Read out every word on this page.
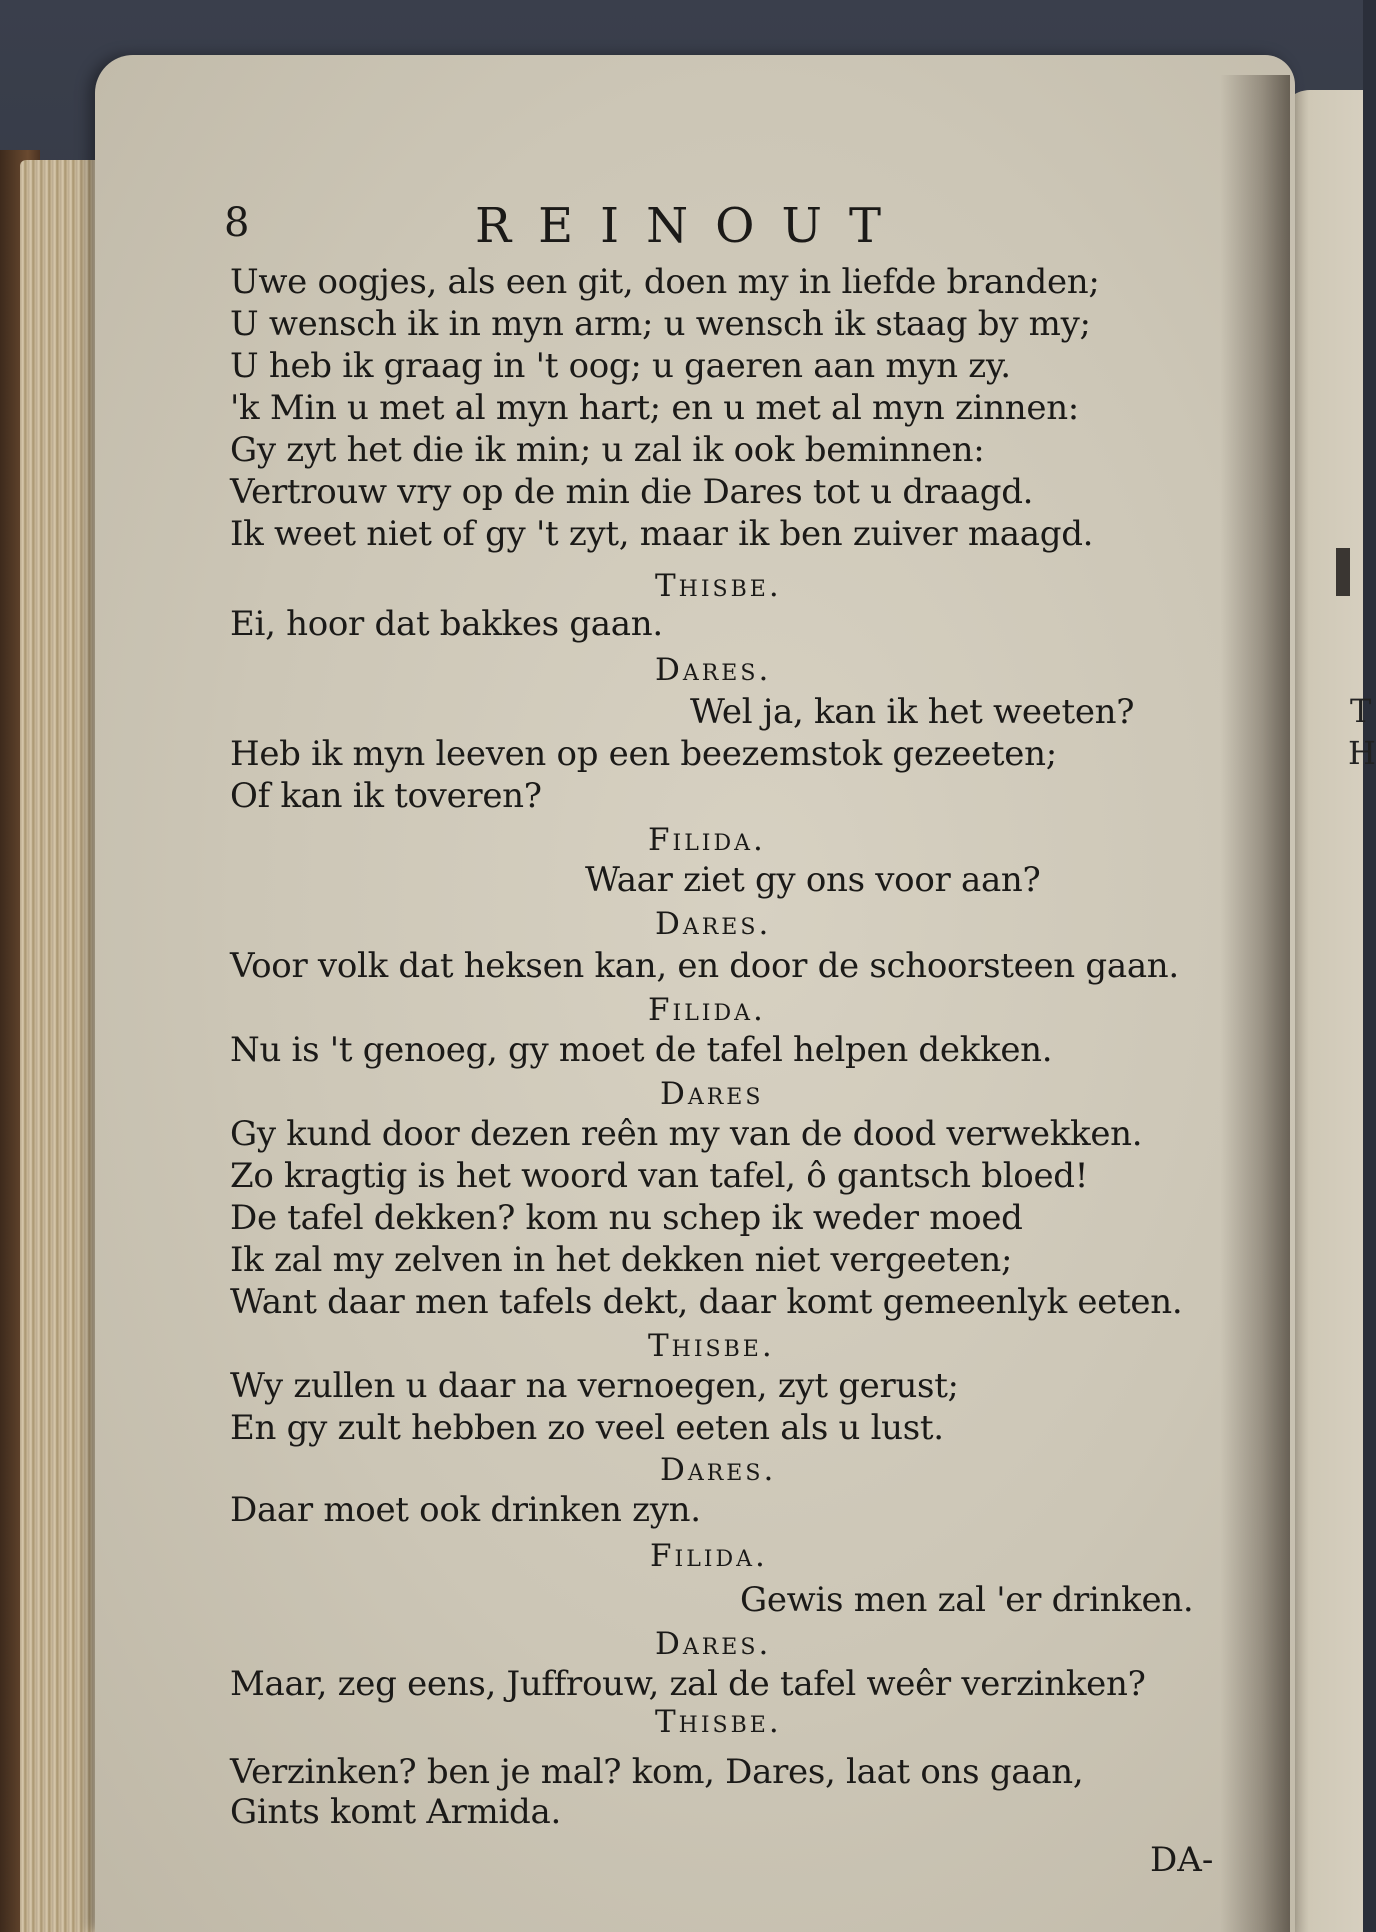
T
H
8	REINOUT
Uwe oogjes, als een git, doen my in liefde branden;
U wensch ik in myn arm; u wensch ik staag by my;
U heb ik graag in 't oog; u gaeren aan myn zy.
'k Min u met al myn hart; en u met al myn zinnen:
Gy zyt het die ik min; u zal ik ook beminnen:
Vertrouw vry op de min die Dares tot u draagd.
Ik weet niet of gy 't zyt, maar ik ben zuiver maagd.
Thisbe.
Ei, hoor dat bakkes gaan.
Dares.
Wel ja, kan ik het weeten?
Heb ik myn leeven op een beezemstok gezeeten;
Of kan ik toveren?
Filida.
Waar ziet gy ons voor aan?
Dares.
Voor volk dat heksen kan, en door de schoorsteen gaan.
Filida.
Nu is 't genoeg, gy moet de tafel helpen dekken.
Dares
Gy kund door dezen reên my van de dood verwekken.
Zo kragtig is het woord van tafel, ô gantsch bloed!
De tafel dekken? kom nu schep ik weder moed
Ik zal my zelven in het dekken niet vergeeten;
Want daar men tafels dekt, daar komt gemeenlyk eeten.
Thisbe.
Wy zullen u daar na vernoegen, zyt gerust;
En gy zult hebben zo veel eeten als u lust.
Dares.
Daar moet ook drinken zyn.
Filida.
Gewis men zal 'er drinken.
Dares.
Maar, zeg eens, Juffrouw, zal de tafel weêr verzinken?
Thisbe.
Verzinken? ben je mal? kom, Dares, laat ons gaan,
Gints komt Armida.
DA-
